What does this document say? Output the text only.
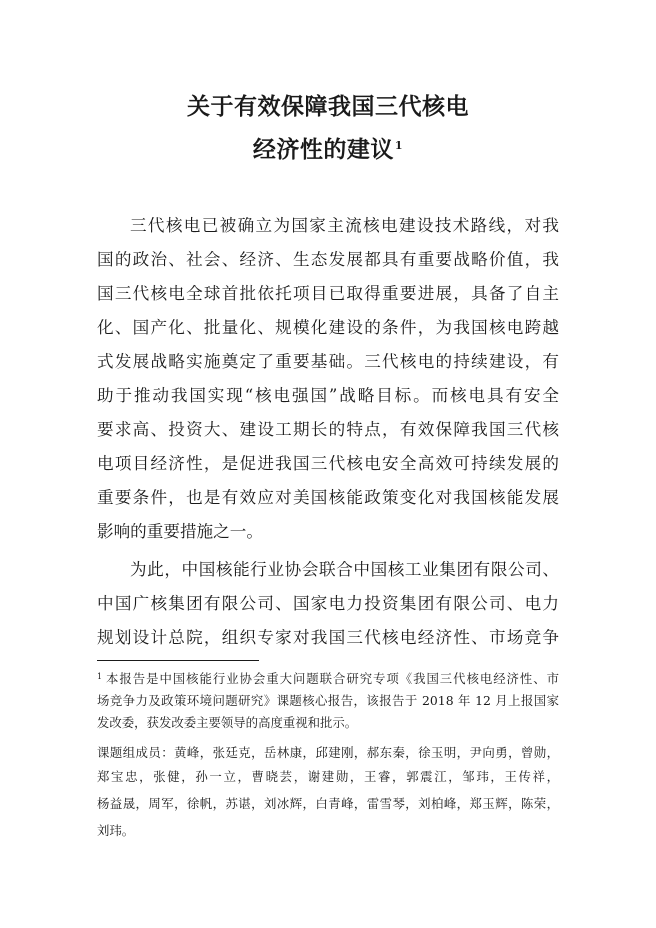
关于有效保障我国三代核电
经济性的建议$^1$
三代核电已被确立为国家主流核电建设技术路线，对我
国的政治、社会、经济、生态发展都具有重要战略价值，我
国三代核电全球首批依托项目已取得重要进展，具备了自主
化、国产化、批量化、规模化建设的条件，为我国核电跨越
式发展战略实施奠定了重要基础。三代核电的持续建设，有
助于推动我国实现“核电强国”战略目标。而核电具有安全
要求高、投资大、建设工期长的特点，有效保障我国三代核
电项目经济性，是促进我国三代核电安全高效可持续发展的
重要条件，也是有效应对美国核能政策变化对我国核能发展
影响的重要措施之一。
为此，中国核能行业协会联合中国核工业集团有限公司、
中国广核集团有限公司、国家电力投资集团有限公司、电力
规划设计总院，组织专家对我国三代核电经济性、市场竞争
$^1$ 本报告是中国核能行业协会重大问题联合研究专项《我国三代核电经济性、市
场竞争力及政策环境问题研究》课题核心报告，该报告于 2018 年 12 月上报国家
发改委，获发改委主要领导的高度重视和批示。
课题组成员：黄峰，张廷克，岳林康，邱建刚，郝东秦，徐玉明，尹向勇，曾勋，
郑宝忠，张健，孙一立，曹晓芸，谢建勋，王睿，郭震江，邹玮，王传祥，
杨益晟，周军，徐帆，苏谌，刘冰辉，白青峰，雷雪琴，刘柏峰，郑玉辉，陈荣，
刘玮。
